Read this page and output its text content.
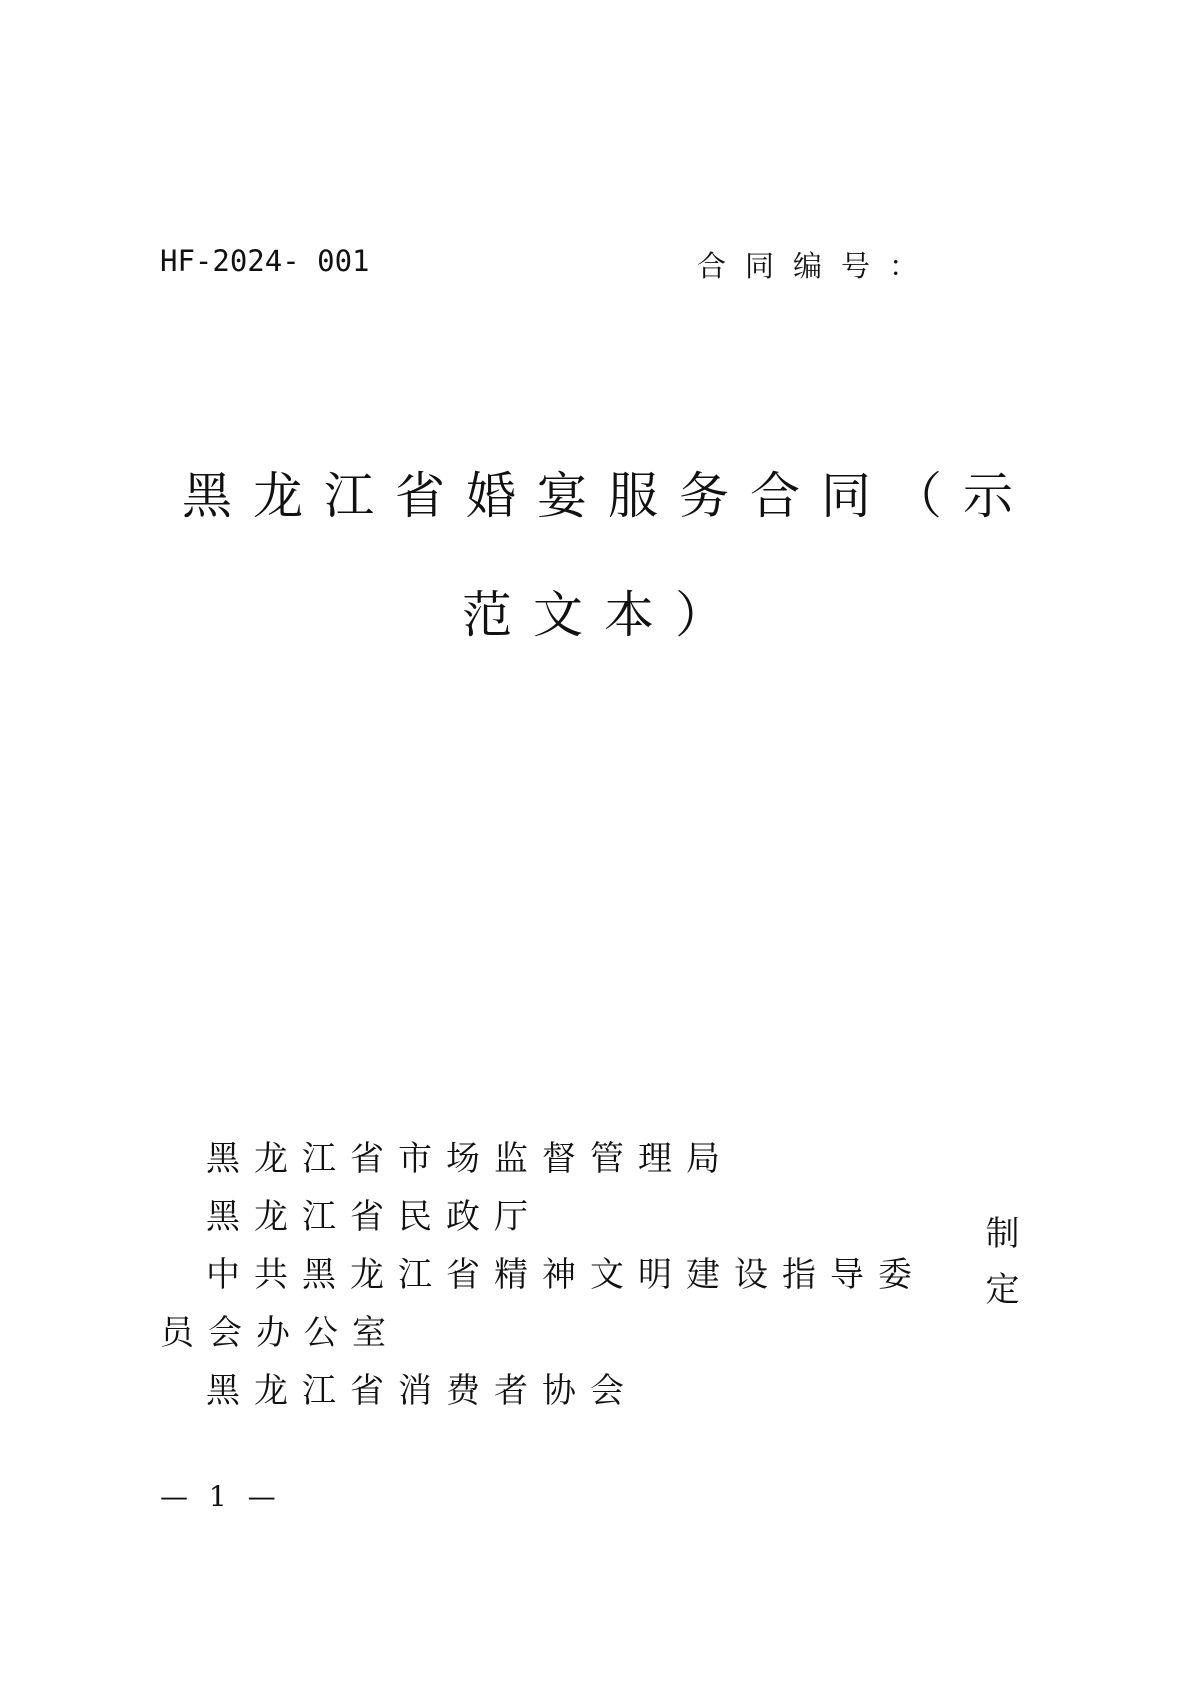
HF-2024- 001	合同编号：
黑龙江省婚宴服务合同（示
范文本）
黑龙江省市场监督管理局
黑龙江省民政厅
中共黑龙江省精神文明建设指导委
员会办公室
黑龙江省消费者协会
制定
— 1 —
